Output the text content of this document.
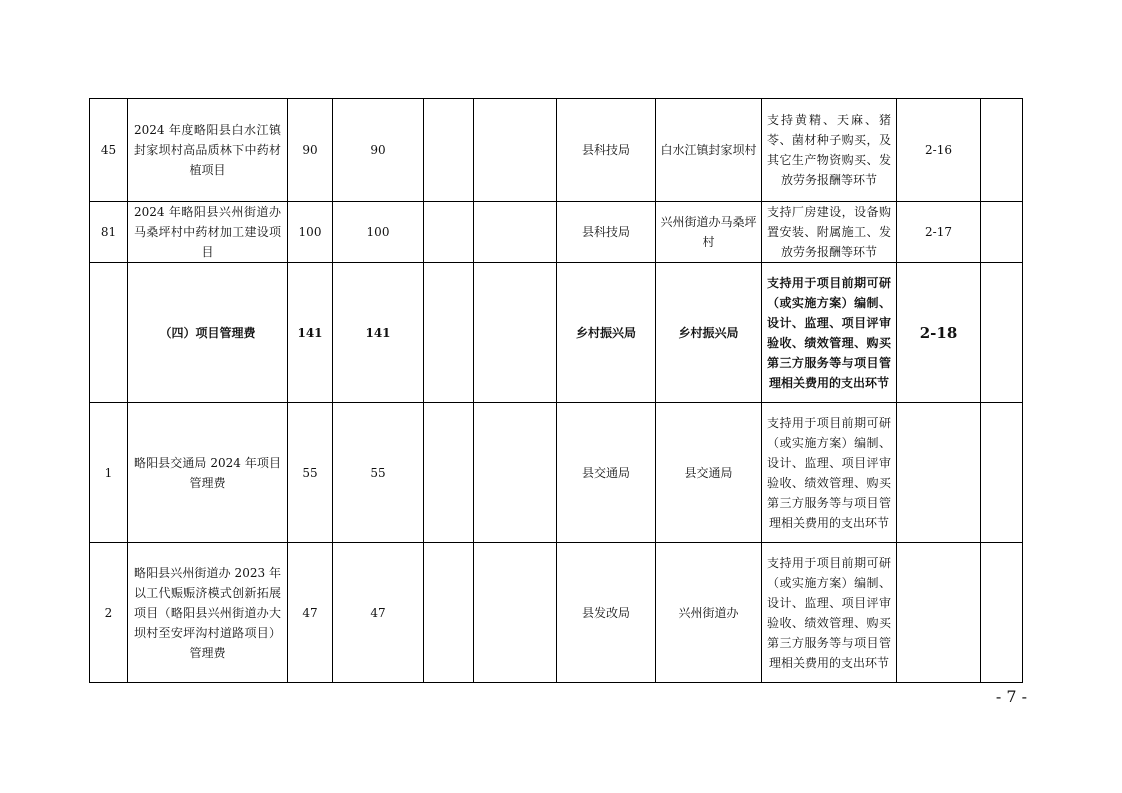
45	2024 年度略阳县白水江镇封家坝村高品质林下中药材植项目	90	90			县科技局	白水江镇封家坝村	支持黄精、天麻、猪苓、菌材种子购买，及其它生产物资购买、发放劳务报酬等环节	2-16	
81	2024 年略阳县兴州街道办马桑坪村中药材加工建设项目	100	100			县科技局	兴州街道办马桑坪村	支持厂房建设，设备购置安装、附属施工、发放劳务报酬等环节	2-17	
	（四）项目管理费	141	141			乡村振兴局	乡村振兴局	支持用于项目前期可研（或实施方案）编制、设计、监理、项目评审验收、绩效管理、购买第三方服务等与项目管理相关费用的支出环节	2-18	
1	略阳县交通局 2024 年项目管理费	55	55			县交通局	县交通局	支持用于项目前期可研（或实施方案）编制、设计、监理、项目评审验收、绩效管理、购买第三方服务等与项目管理相关费用的支出环节		
2	略阳县兴州街道办 2023 年以工代赈赈济模式创新拓展项目（略阳县兴州街道办大坝村至安坪沟村道路项目）管理费	47	47			县发改局	兴州街道办	支持用于项目前期可研（或实施方案）编制、设计、监理、项目评审验收、绩效管理、购买第三方服务等与项目管理相关费用的支出环节		
- 7 -
